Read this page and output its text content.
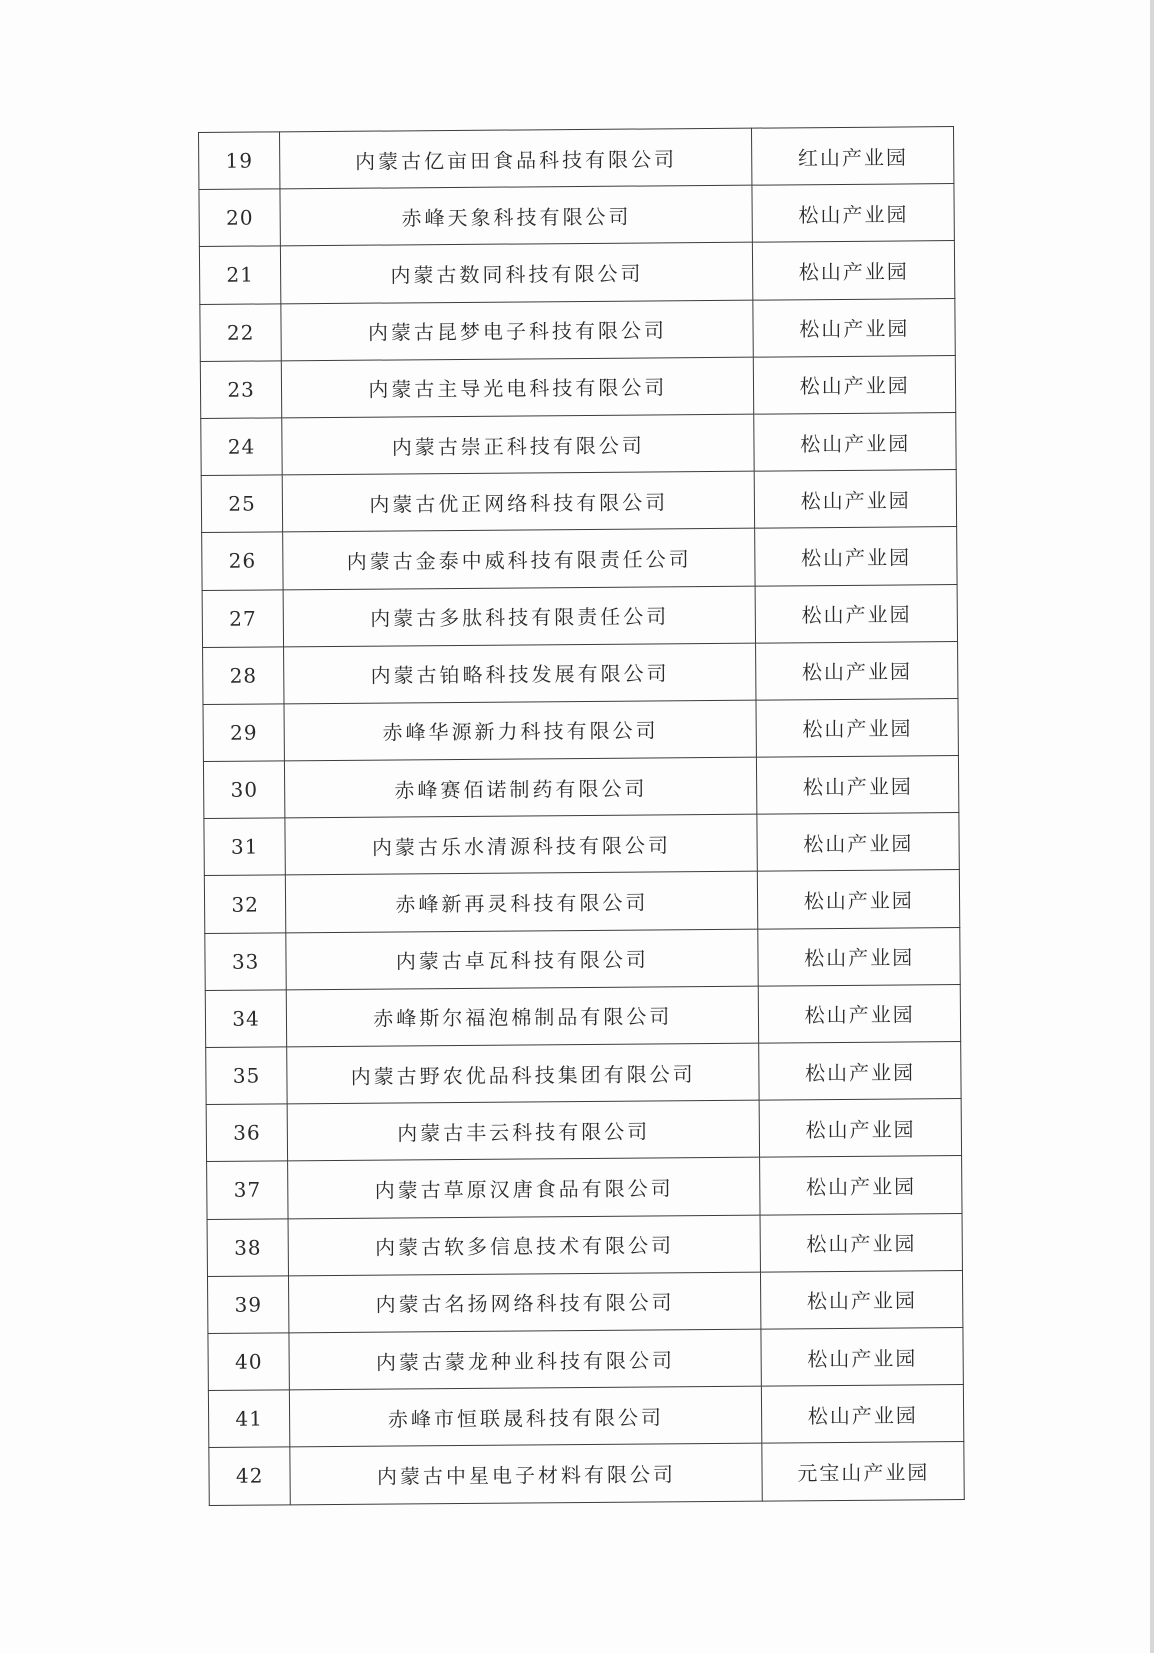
19	内蒙古亿亩田食品科技有限公司	红山产业园
20	赤峰天象科技有限公司	松山产业园
21	内蒙古数同科技有限公司	松山产业园
22	内蒙古昆梦电子科技有限公司	松山产业园
23	内蒙古主导光电科技有限公司	松山产业园
24	内蒙古崇正科技有限公司	松山产业园
25	内蒙古优正网络科技有限公司	松山产业园
26	内蒙古金泰中威科技有限责任公司	松山产业园
27	内蒙古多肽科技有限责任公司	松山产业园
28	内蒙古铂略科技发展有限公司	松山产业园
29	赤峰华源新力科技有限公司	松山产业园
30	赤峰赛佰诺制药有限公司	松山产业园
31	内蒙古乐水清源科技有限公司	松山产业园
32	赤峰新再灵科技有限公司	松山产业园
33	内蒙古卓瓦科技有限公司	松山产业园
34	赤峰斯尔福泡棉制品有限公司	松山产业园
35	内蒙古野农优品科技集团有限公司	松山产业园
36	内蒙古丰云科技有限公司	松山产业园
37	内蒙古草原汉唐食品有限公司	松山产业园
38	内蒙古软多信息技术有限公司	松山产业园
39	内蒙古名扬网络科技有限公司	松山产业园
40	内蒙古蒙龙种业科技有限公司	松山产业园
41	赤峰市恒联晟科技有限公司	松山产业园
42	内蒙古中星电子材料有限公司	元宝山产业园
